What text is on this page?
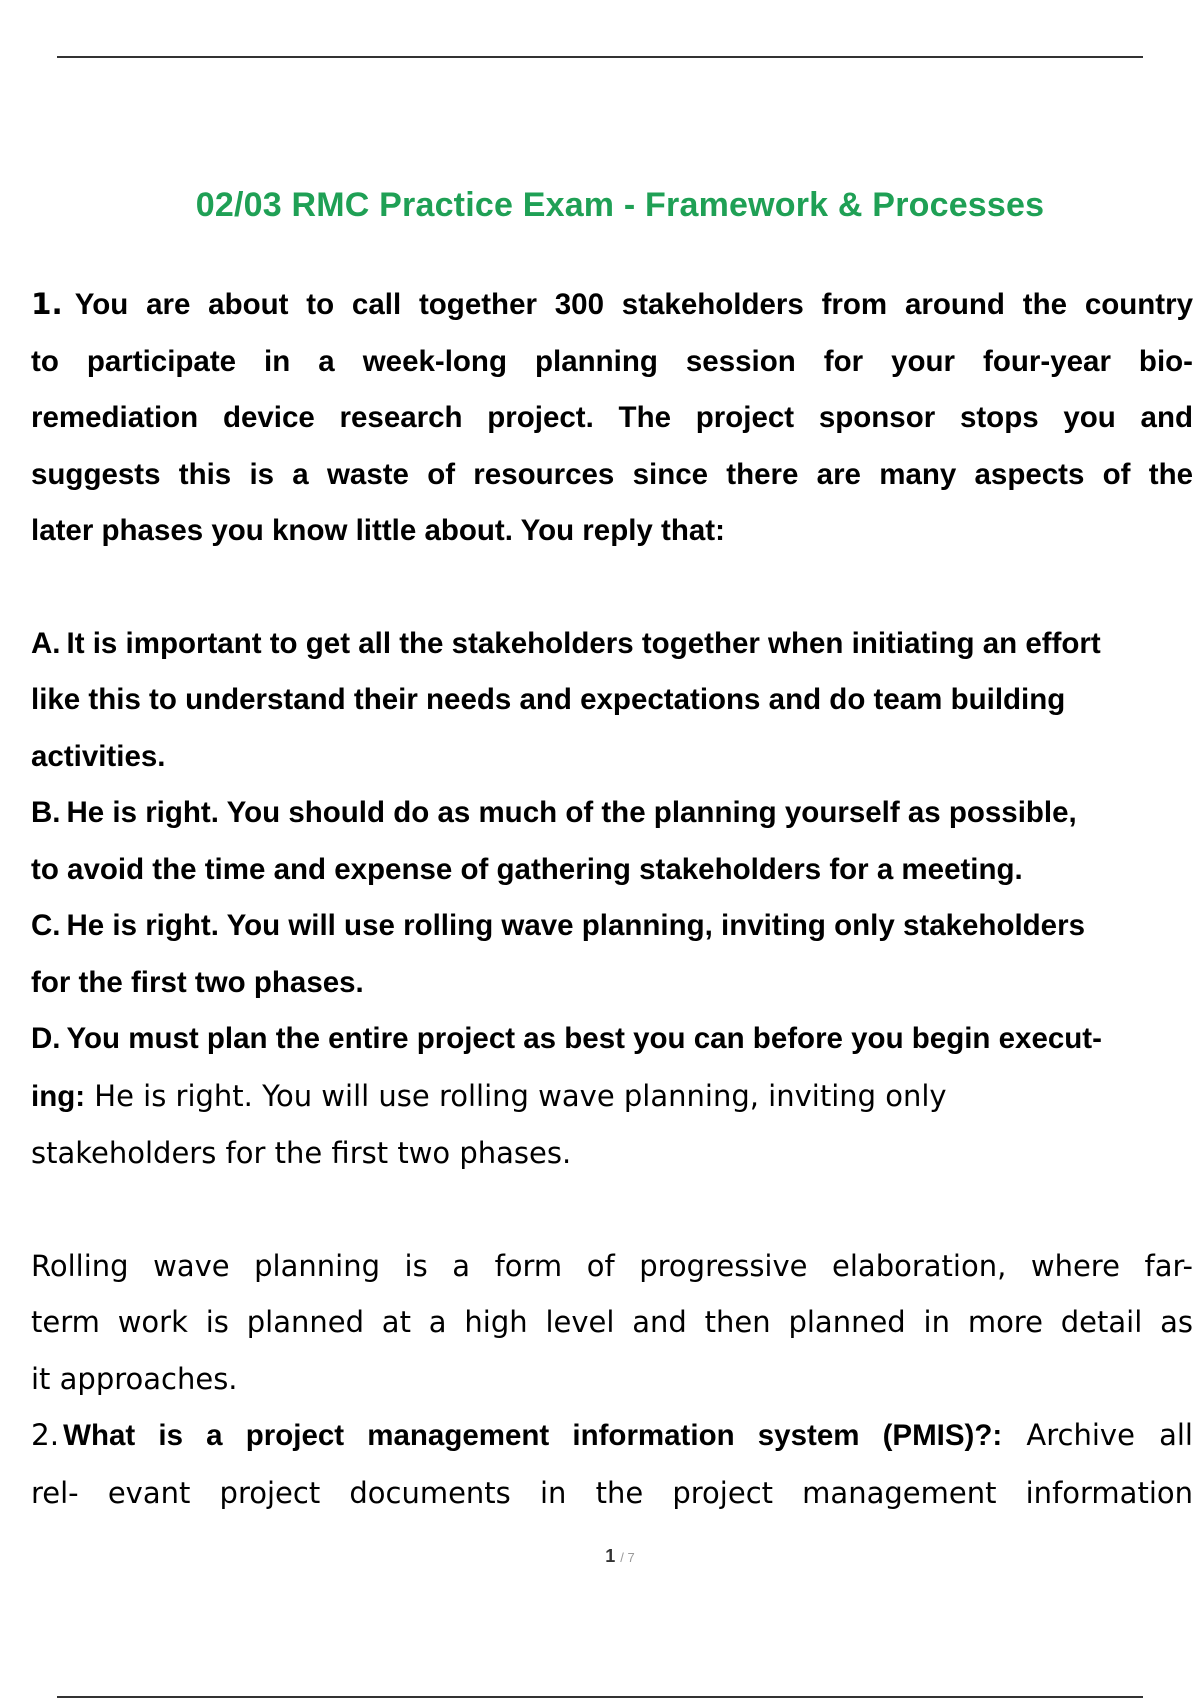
02/03 RMC Practice Exam - Framework & Processes
1. You are about to call together 300 stakeholders from around the country
to participate in a week-long planning session for your four-year bio-
remediation device research project. The project sponsor stops you and
suggests this is a waste of resources since there are many aspects of the
later phases you know little about. You reply that:
A. It is important to get all the stakeholders together when initiating an effort
like this to understand their needs and expectations and do team building
activities.
B. He is right. You should do as much of the planning yourself as possible,
to avoid the time and expense of gathering stakeholders for a meeting.
C. He is right. You will use rolling wave planning, inviting only stakeholders
for the first two phases.
D. You must plan the entire project as best you can before you begin execut-
ing: He is right. You will use rolling wave planning, inviting only
stakeholders for the first two phases.
Rolling wave planning is a form of progressive elaboration, where far-
term work is planned at a high level and then planned in more detail as
it approaches.
2. What is a project management information system (PMIS)?: Archive all
rel- evant project documents in the project management information
1 / 7
